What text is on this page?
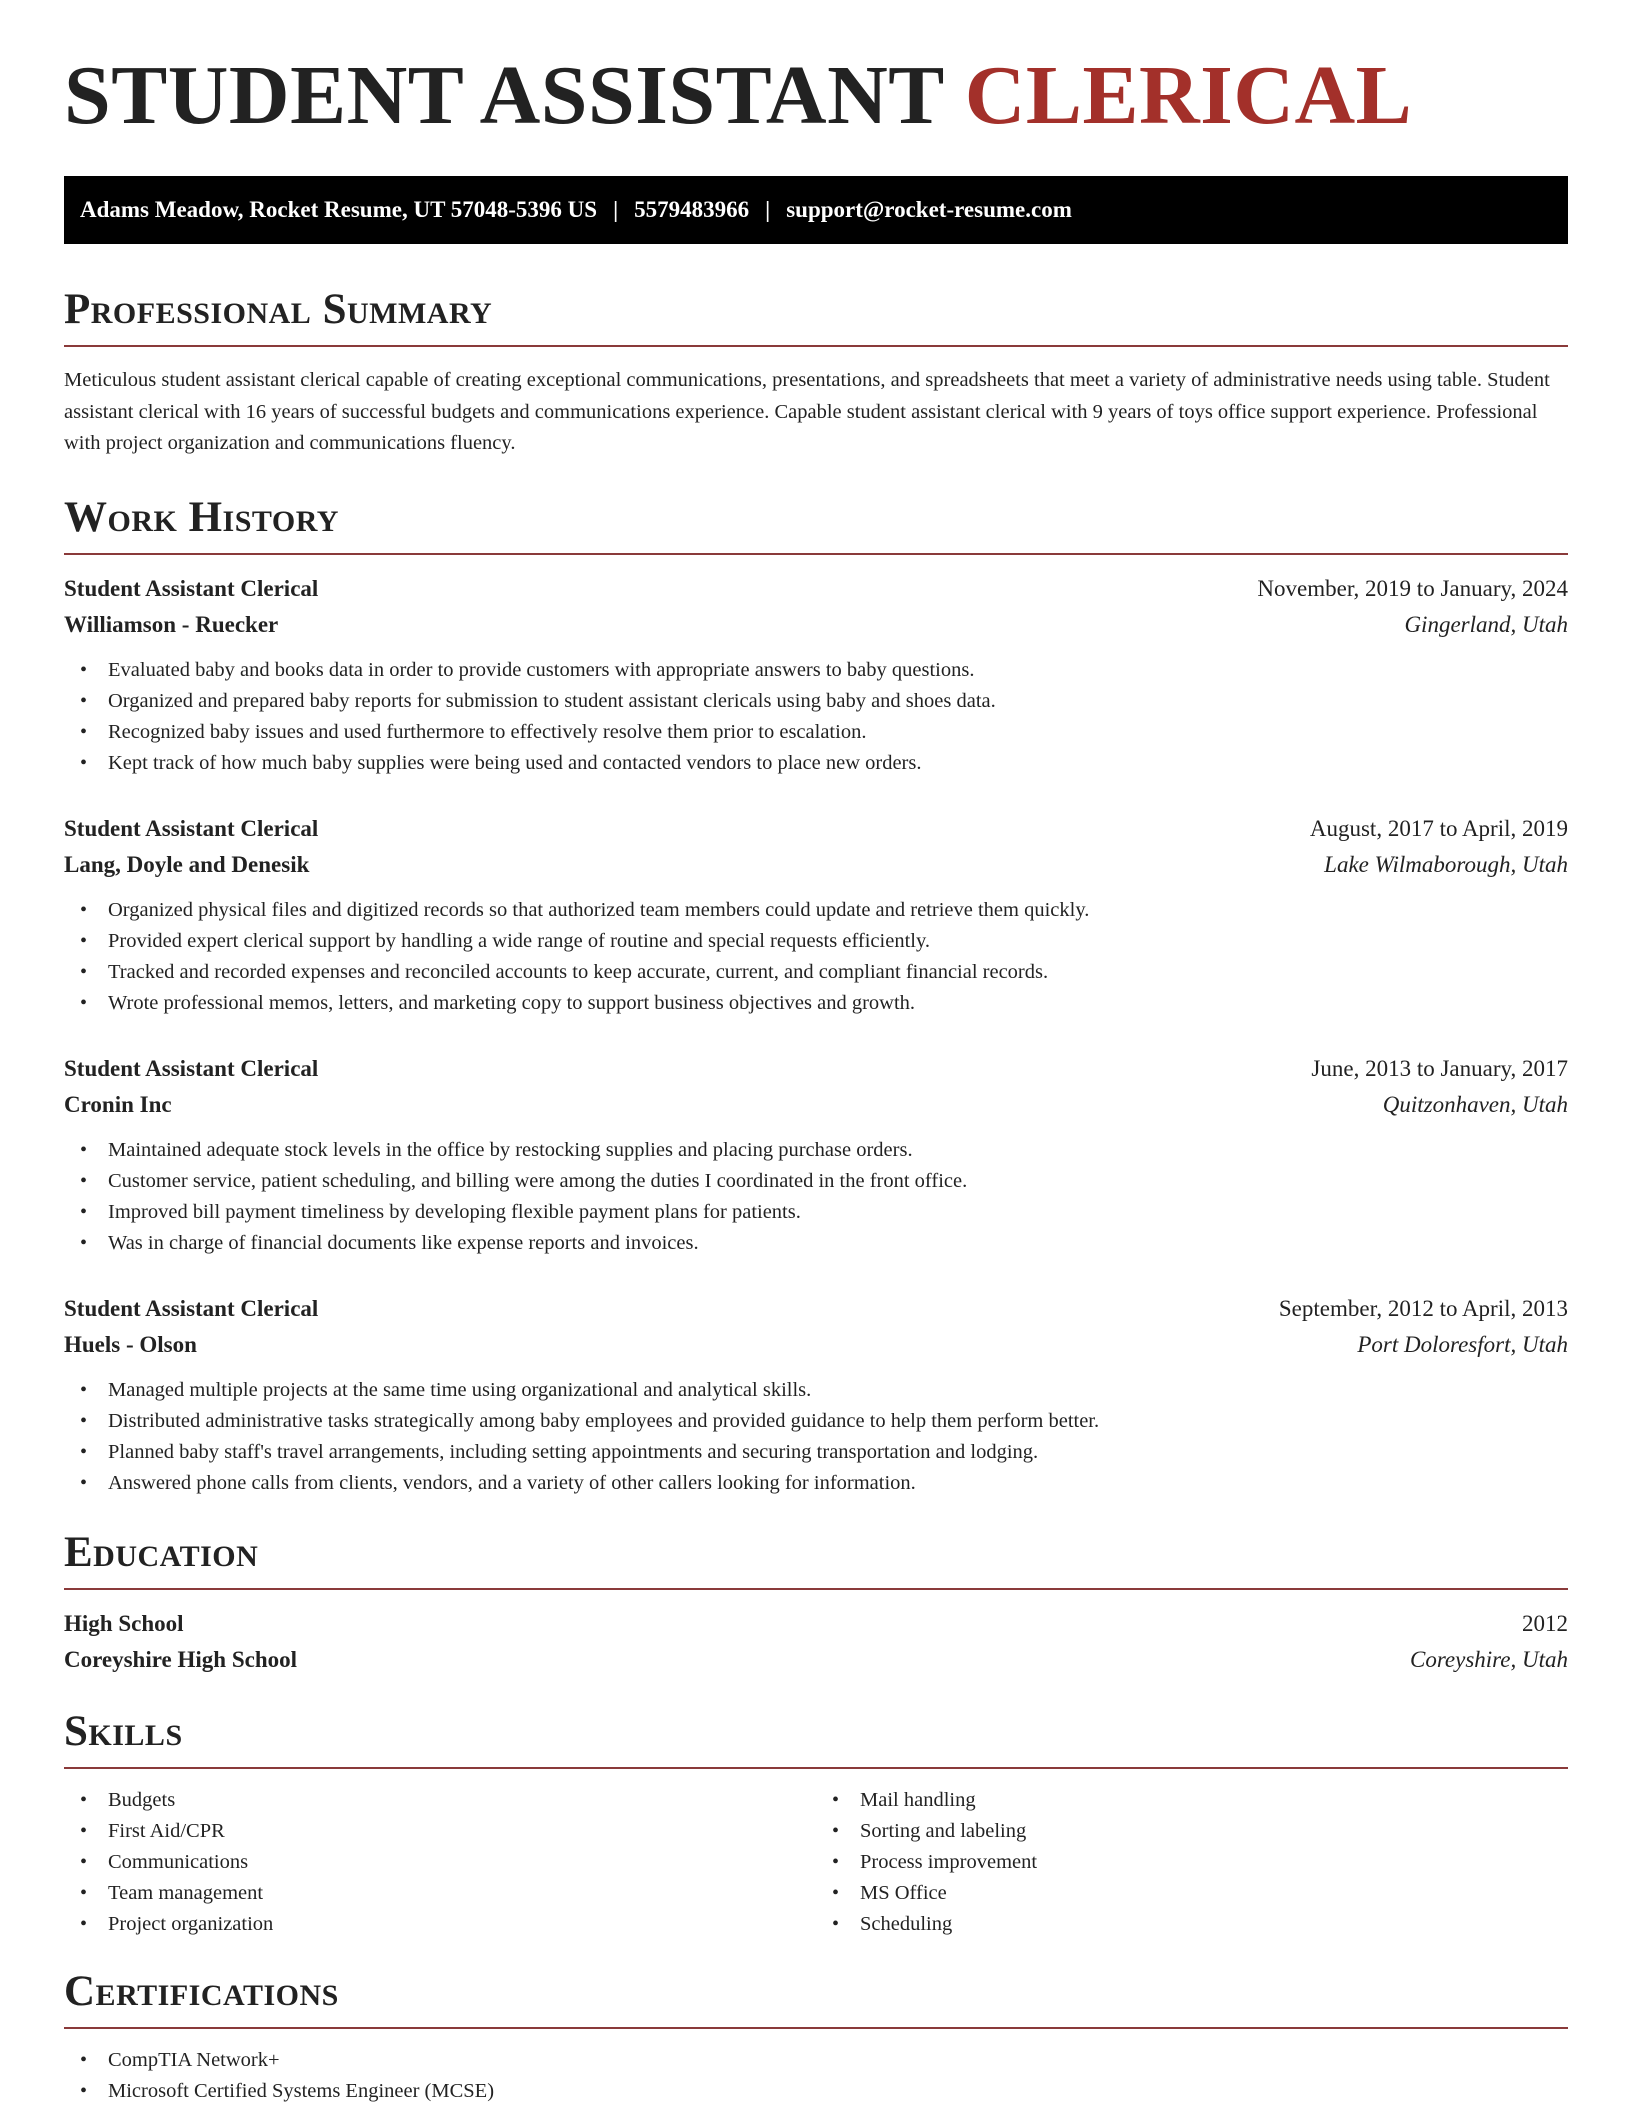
STUDENT ASSISTANT CLERICAL
Adams Meadow, Rocket Resume, UT 57048-5396 US | 5579483966 | support@rocket-resume.com
Professional Summary

Meticulous student assistant clerical capable of creating exceptional communications, presentations, and spreadsheets that meet a variety of administrative needs using table. Student assistant clerical with 16 years of successful budgets and communications experience. Capable student assistant clerical with 9 years of toys office support experience. Professional with project organization and communications fluency.

Work History
Student Assistant Clerical	November, 2019 to January, 2024
Williamson - Ruecker	Gingerland, Utah
• Evaluated baby and books data in order to provide customers with appropriate answers to baby questions.
• Organized and prepared baby reports for submission to student assistant clericals using baby and shoes data.
• Recognized baby issues and used furthermore to effectively resolve them prior to escalation.
• Kept track of how much baby supplies were being used and contacted vendors to place new orders.
Student Assistant Clerical	August, 2017 to April, 2019
Lang, Doyle and Denesik	Lake Wilmaborough, Utah
• Organized physical files and digitized records so that authorized team members could update and retrieve them quickly.
• Provided expert clerical support by handling a wide range of routine and special requests efficiently.
• Tracked and recorded expenses and reconciled accounts to keep accurate, current, and compliant financial records.
• Wrote professional memos, letters, and marketing copy to support business objectives and growth.
Student Assistant Clerical	June, 2013 to January, 2017
Cronin Inc	Quitzonhaven, Utah
• Maintained adequate stock levels in the office by restocking supplies and placing purchase orders.
• Customer service, patient scheduling, and billing were among the duties I coordinated in the front office.
• Improved bill payment timeliness by developing flexible payment plans for patients.
• Was in charge of financial documents like expense reports and invoices.
Student Assistant Clerical	September, 2012 to April, 2013
Huels - Olson	Port Doloresfort, Utah
• Managed multiple projects at the same time using organizational and analytical skills.
• Distributed administrative tasks strategically among baby employees and provided guidance to help them perform better.
• Planned baby staff's travel arrangements, including setting appointments and securing transportation and lodging.
• Answered phone calls from clients, vendors, and a variety of other callers looking for information.
Education
High School	2012
Coreyshire High School	Coreyshire, Utah
Skills
• Budgets
• First Aid/CPR
• Communications
• Team management
• Project organization
• Mail handling
• Sorting and labeling
• Process improvement
• MS Office
• Scheduling
Certifications
• CompTIA Network+
• Microsoft Certified Systems Engineer (MCSE)
